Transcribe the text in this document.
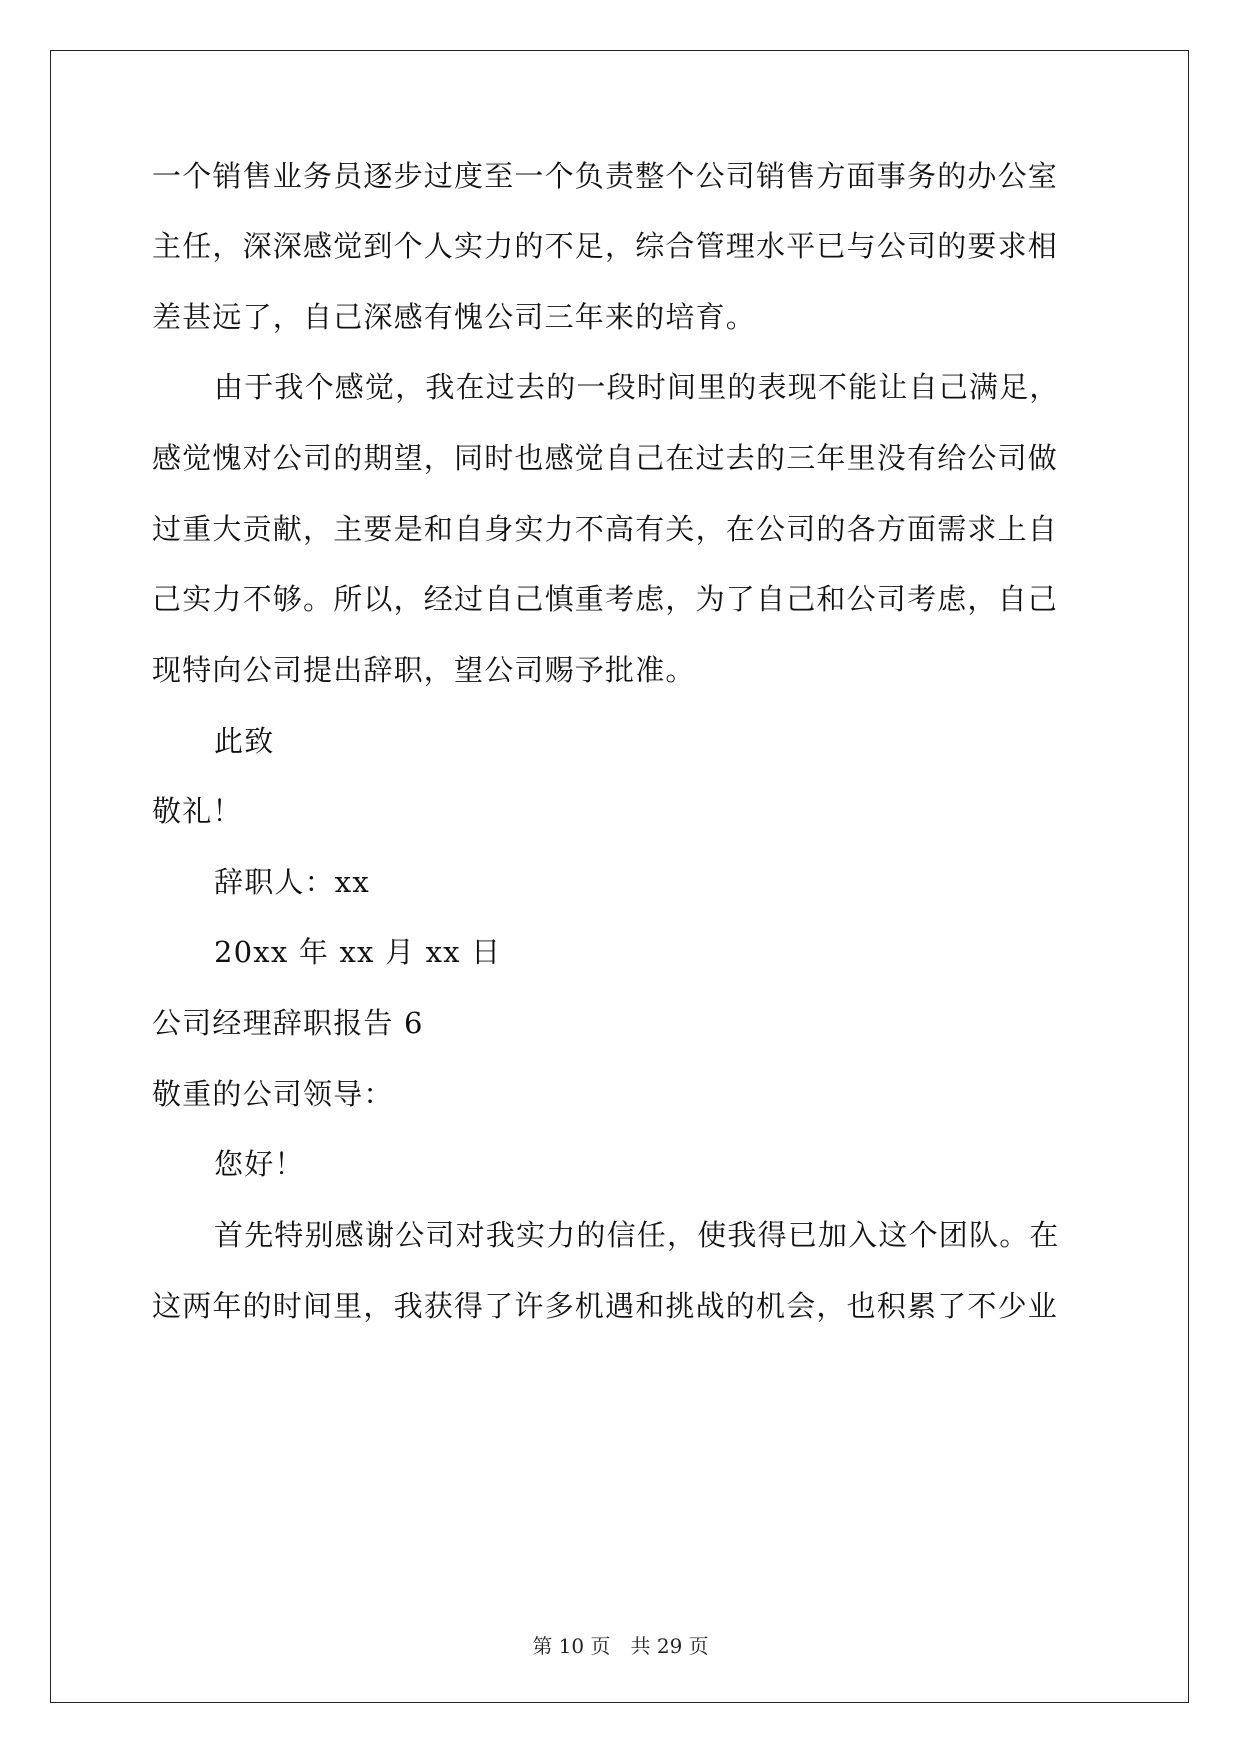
一个销售业务员逐步过度至一个负责整个公司销售方面事务的办公室
主任，深深感觉到个人实力的不足，综合管理水平已与公司的要求相
差甚远了，自己深感有愧公司三年来的培育。
由于我个感觉，我在过去的一段时间里的表现不能让自己满足，
感觉愧对公司的期望，同时也感觉自己在过去的三年里没有给公司做
过重大贡献，主要是和自身实力不高有关，在公司的各方面需求上自
己实力不够。所以，经过自己慎重考虑，为了自己和公司考虑，自己
现特向公司提出辞职，望公司赐予批准。
此致
敬礼！
辞职人：xx
20xx 年 xx 月 xx 日
公司经理辞职报告 6
敬重的公司领导：
您好！
首先特别感谢公司对我实力的信任，使我得已加入这个团队。在
这两年的时间里，我获得了许多机遇和挑战的机会，也积累了不少业
第 10 页 共 29 页
